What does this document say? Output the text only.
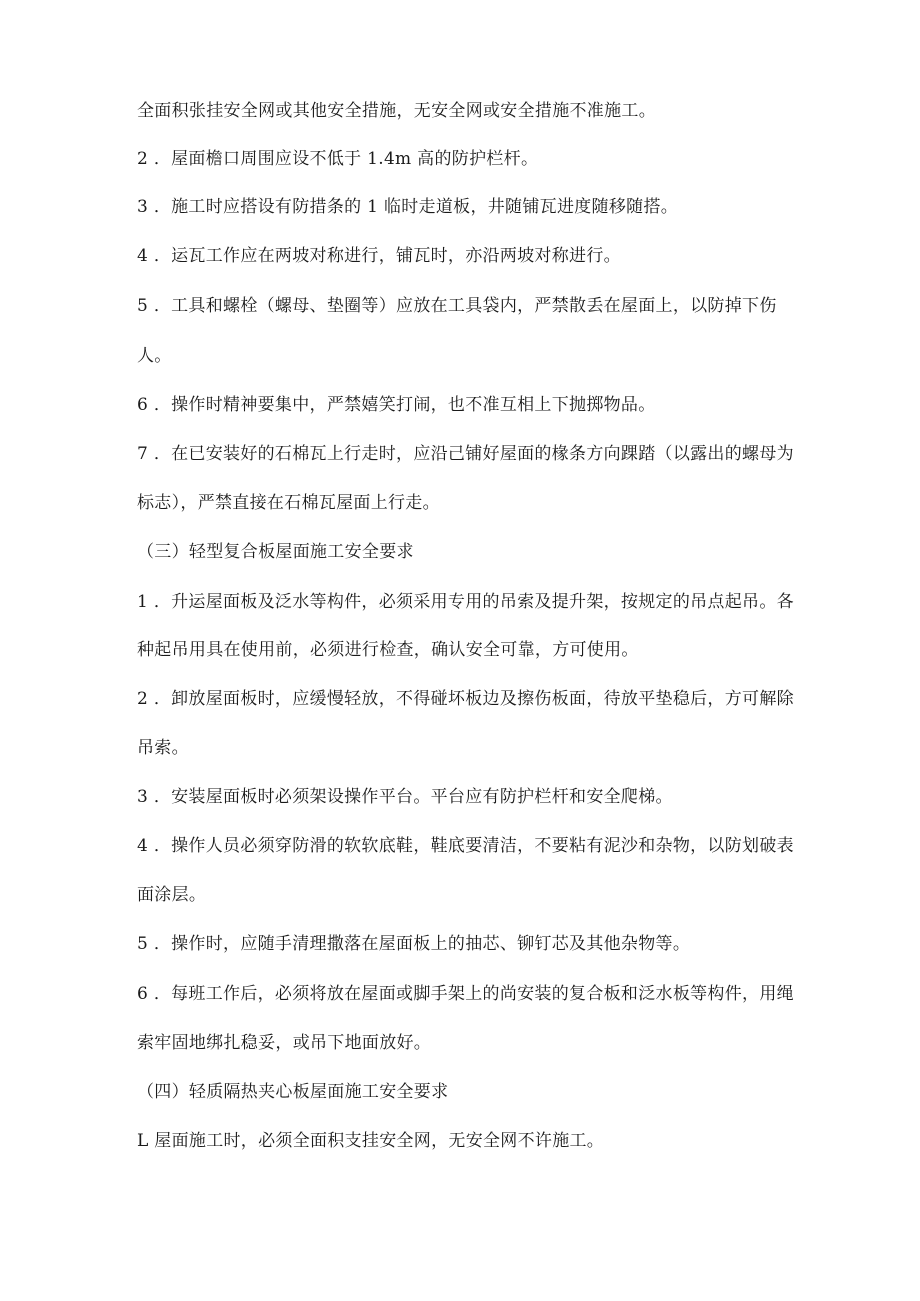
全面积张挂安全网或其他安全措施，无安全网或安全措施不准施工。
2 ．屋面檐口周围应设不低于 1.4m 高的防护栏杆。
3 ．施工时应搭设有防措条的 1 临时走道板，井随铺瓦进度随移随搭。
4 ．运瓦工作应在两坡对称进行，铺瓦时，亦沿两坡对称进行。
5 ．工具和螺栓（螺母、垫圈等）应放在工具袋内，严禁散丢在屋面上，以防掉下伤
人。
6 ．操作时精神要集中，严禁嬉笑打闹，也不准互相上下抛掷物品。
7 ．在已安装好的石棉瓦上行走时，应沿己铺好屋面的椽条方向踝踏（以露出的螺母为
标志），严禁直接在石棉瓦屋面上行走。
（三）轻型复合板屋面施工安全要求
1 ．升运屋面板及泛水等构件，必须采用专用的吊索及提升架，按规定的吊点起吊。各
种起吊用具在使用前，必须进行检查，确认安全可靠，方可使用。
2 ．卸放屋面板时，应缓慢轻放，不得碰坏板边及擦伤板面，待放平垫稳后，方可解除
吊索。
3 ．安装屋面板时必须架设操作平台。平台应有防护栏杆和安全爬梯。
4 ．操作人员必须穿防滑的软软底鞋，鞋底要清洁，不要粘有泥沙和杂物，以防划破表
面涂层。
5 ．操作时，应随手清理撒落在屋面板上的抽芯、铆钉芯及其他杂物等。
6 ．每班工作后，必须将放在屋面或脚手架上的尚安装的复合板和泛水板等构件，用绳
索牢固地绑扎稳妥，或吊下地面放好。
（四）轻质隔热夹心板屋面施工安全要求
L 屋面施工时，必须全面积支挂安全网，无安全网不许施工。
